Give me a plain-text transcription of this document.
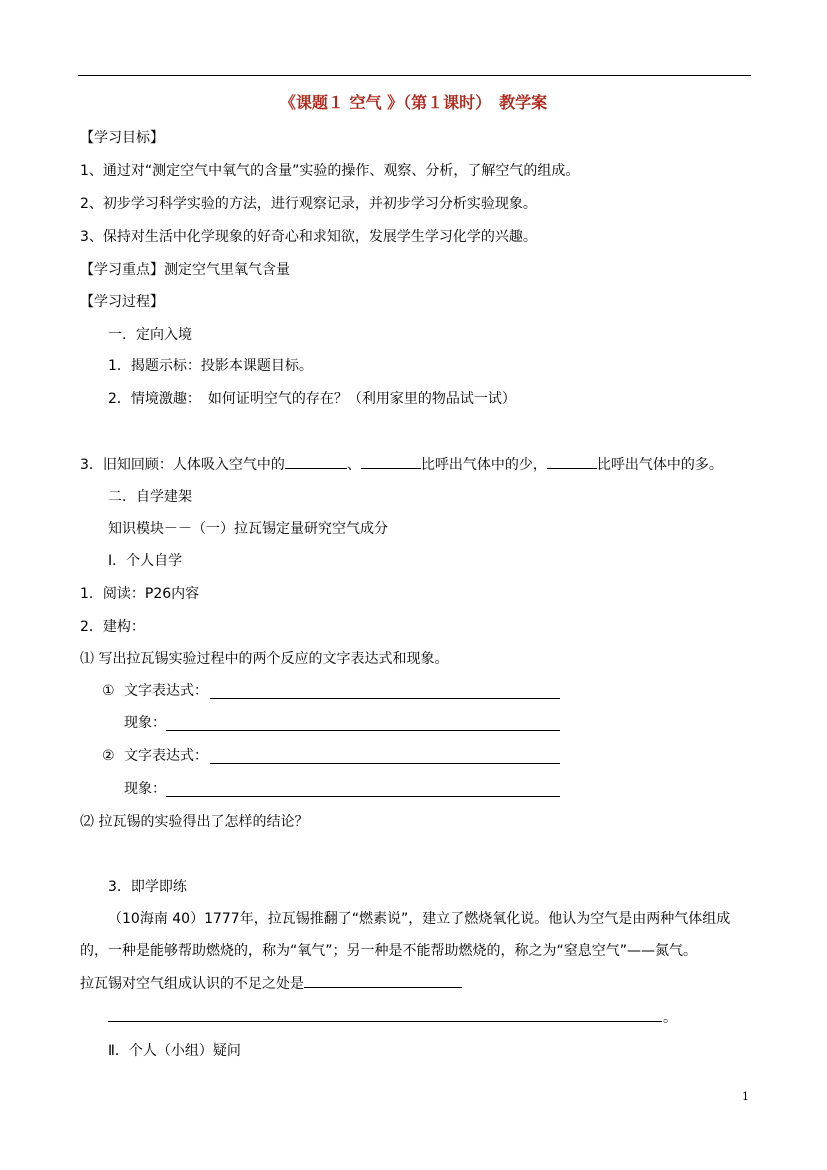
《课题１ 空气 》（第１课时）　教学案
【学习目标】
1、通过对“测定空气中氧气的含量”实验的操作、观察、分析，了解空气的组成。
2、初步学习科学实验的方法，进行观察记录，并初步学习分析实验现象。
3、保持对生活中化学现象的好奇心和求知欲，发展学生学习化学的兴趣。
【学习重点】测定空气里氧气含量
【学习过程】
一．定向入境
1．揭题示标：投影本课题目标。
2．情境激趣：　如何证明空气的存在？（利用家里的物品试一试）
3．旧知回顾：人体吸入空气中的	、	比呼出气体中的少，	比呼出气体中的多。
二．自学建架
知识模块－－（一）拉瓦锡定量研究空气成分
Ⅰ．个人自学
1．阅读：P26内容
2．建构：
⑴ 写出拉瓦锡实验过程中的两个反应的文字表达式和现象。
① 文字表达式：
现象：
② 文字表达式：
现象：
⑵ 拉瓦锡的实验得出了怎样的结论？
3．即学即练
（10海南 40）1777年，拉瓦锡推翻了“燃素说”，建立了燃烧氧化说。他认为空气是由两种气体组成
的，一种是能够帮助燃烧的，称为“氧气”；另一种是不能帮助燃烧的，称之为“窒息空气”——氮气。
拉瓦锡对空气组成认识的不足之处是
。
Ⅱ．个人（小组）疑问
1
